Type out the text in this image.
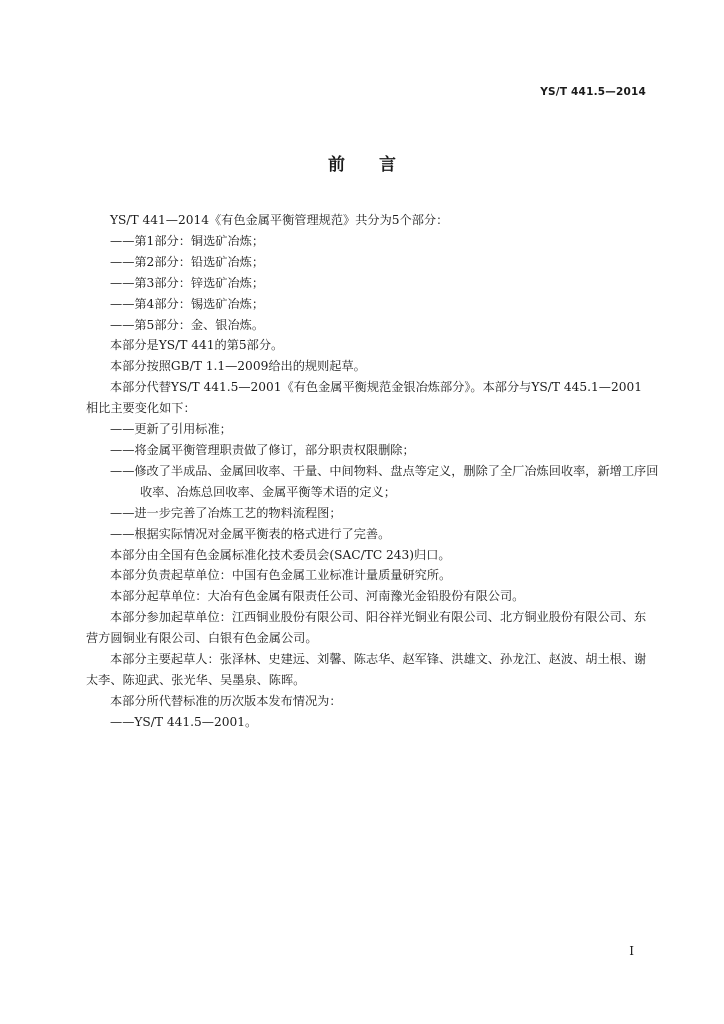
YS/T 441.5—2014
前言
YS/T 441—2014《有色金属平衡管理规范》共分为5个部分：
——第1部分：铜选矿冶炼；
——第2部分：铅选矿冶炼；
——第3部分：锌选矿冶炼；
——第4部分：锡选矿冶炼；
——第5部分：金、银冶炼。
本部分是YS/T 441的第5部分。
本部分按照GB/T 1.1—2009给出的规则起草。
本部分代替YS/T 441.5—2001《有色金属平衡规范金银冶炼部分》。本部分与YS/T 445.1—2001
相比主要变化如下：
——更新了引用标准；
——将金属平衡管理职责做了修订，部分职责权限删除；
——修改了半成品、金属回收率、干量、中间物料、盘点等定义，删除了全厂冶炼回收率，新增工序回
收率、冶炼总回收率、金属平衡等术语的定义；
——进一步完善了冶炼工艺的物料流程图；
——根据实际情况对金属平衡表的格式进行了完善。
本部分由全国有色金属标准化技术委员会(SAC/TC 243)归口。
本部分负责起草单位：中国有色金属工业标准计量质量研究所。
本部分起草单位：大冶有色金属有限责任公司、河南豫光金铅股份有限公司。
本部分参加起草单位：江西铜业股份有限公司、阳谷祥光铜业有限公司、北方铜业股份有限公司、东营方圆铜业有限公司、白银有色金属公司。
本部分主要起草人：张泽林、史建远、刘馨、陈志华、赵军锋、洪雄文、孙龙江、赵波、胡土根、谢太李、陈迎武、张光华、吴墨泉、陈晖。
本部分所代替标准的历次版本发布情况为：
——YS/T 441.5—2001。
I
